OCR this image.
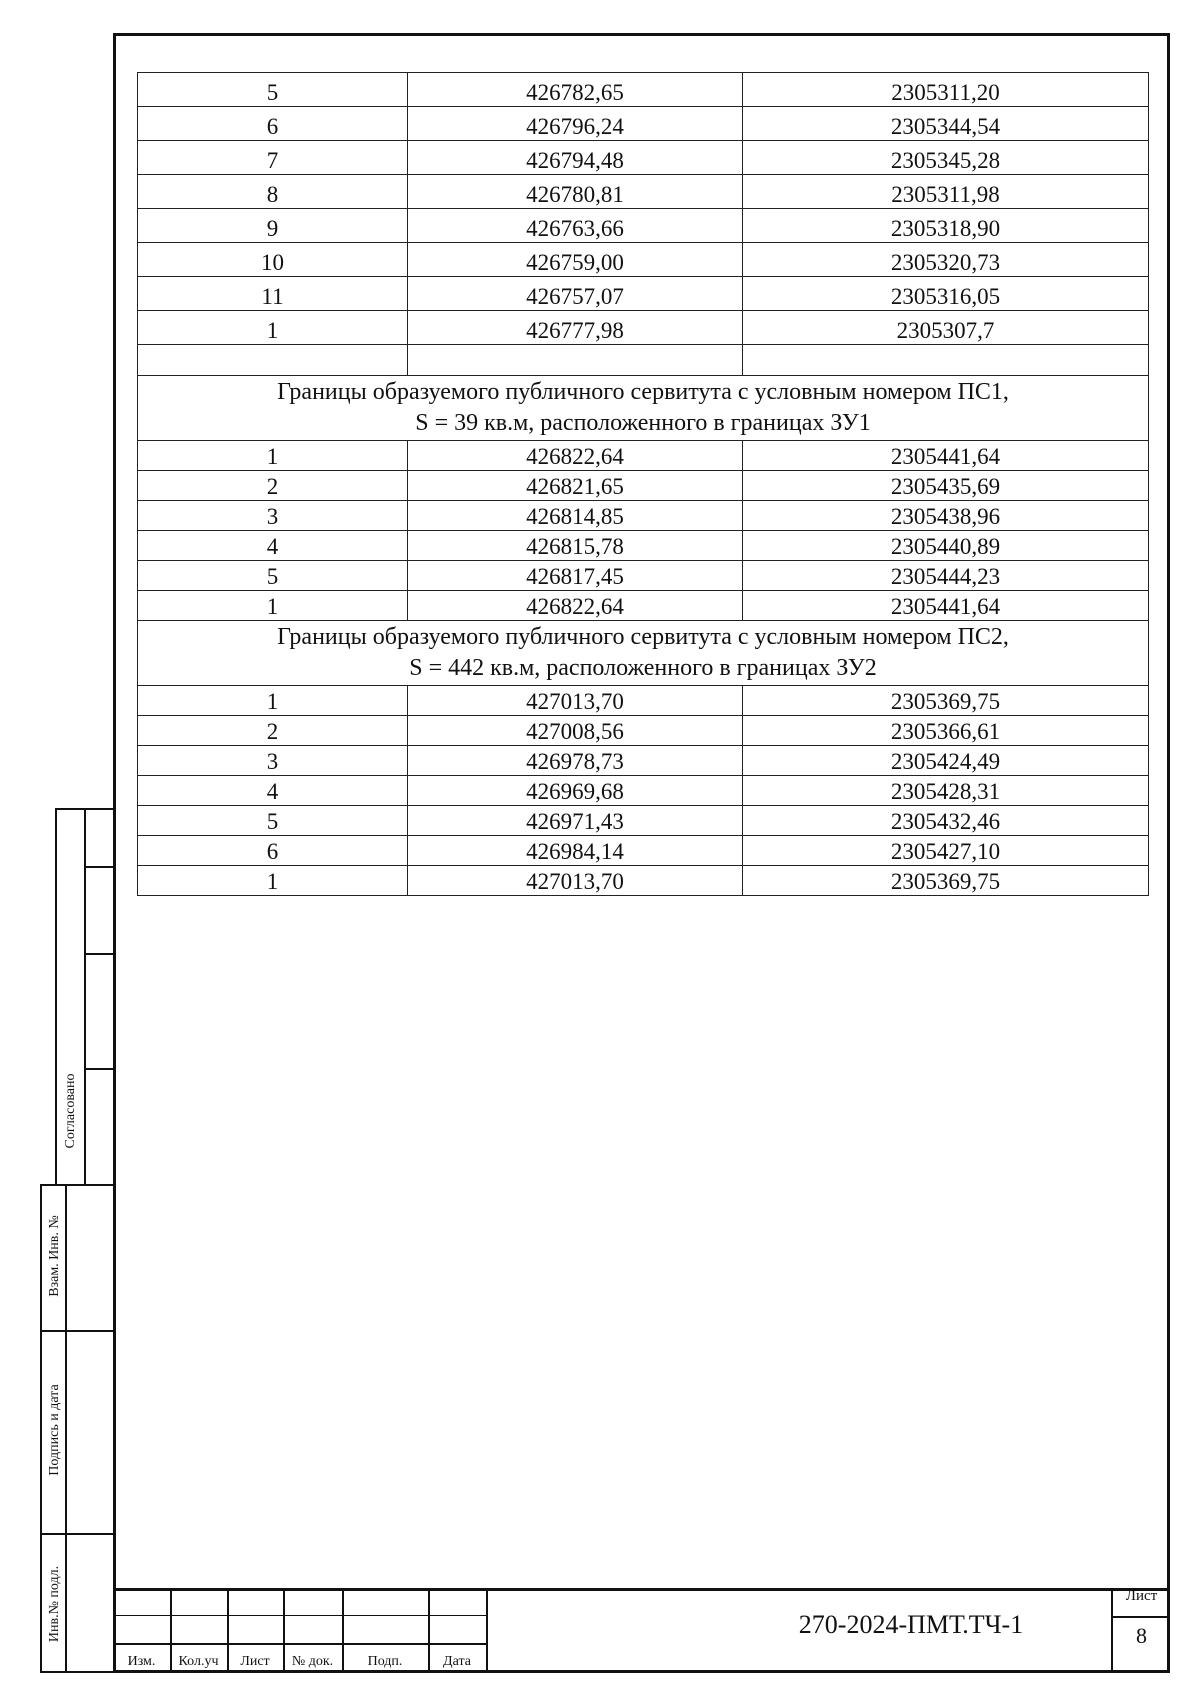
5	426782,65	2305311,20
6	426796,24	2305344,54
7	426794,48	2305345,28
8	426780,81	2305311,98
9	426763,66	2305318,90
10	426759,00	2305320,73
11	426757,07	2305316,05
1	426777,98	2305307,7

Границы образуемого публичного сервитута с условным номером ПС1,
S = 39 кв.м, расположенного в границах ЗУ1		

1	426822,64	2305441,64
2	426821,65	2305435,69
3	426814,85	2305438,96
4	426815,78	2305440,89
5	426817,45	2305444,23
1	426822,64	2305441,64

Границы образуемого публичного сервитута с условным номером ПС2,
S = 442 кв.м, расположенного в границах ЗУ2		

1	427013,70	2305369,75
2	427008,56	2305366,61
3	426978,73	2305424,49
4	426969,68	2305428,31
5	426971,43	2305432,46
6	426984,14	2305427,10
1	427013,70	2305369,75
Согласовано
Взам. Инв. №
Подпись и дата
Инв.№ подл.
Изм.	Кол.уч	Лист	№ док.	Подп.	Дата
270-2024-ПМТ.ТЧ-1
Лист
8
